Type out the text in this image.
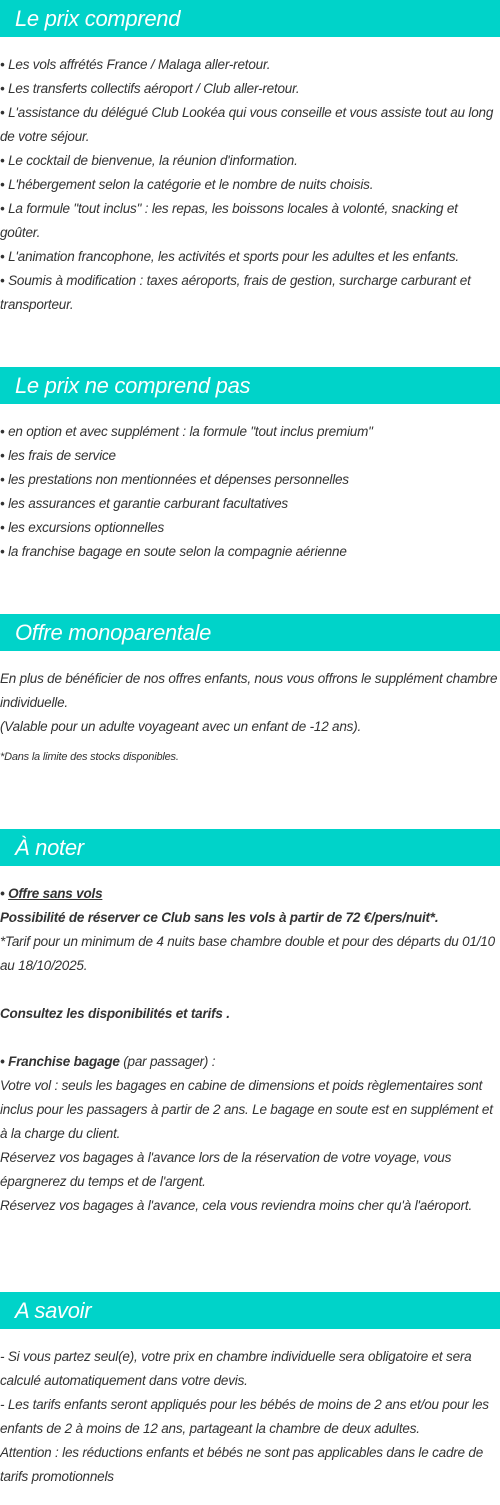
Le prix comprend
• Les vols affrétés France / Malaga aller-retour.
• Les transferts collectifs aéroport / Club aller-retour.
• L'assistance du délégué Club Lookéa qui vous conseille et vous assiste tout au long de votre séjour.
• Le cocktail de bienvenue, la réunion d'information.
• L'hébergement selon la catégorie et le nombre de nuits choisis.
• La formule "tout inclus" : les repas, les boissons locales à volonté, snacking et goûter.
• L'animation francophone, les activités et sports pour les adultes et les enfants.
• Soumis à modification : taxes aéroports, frais de gestion, surcharge carburant et transporteur.
Le prix ne comprend pas
• en option et avec supplément : la formule "tout inclus premium"
• les frais de service
• les prestations non mentionnées et dépenses personnelles
• les assurances et garantie carburant facultatives
• les excursions optionnelles
• la franchise bagage en soute selon la compagnie aérienne
Offre monoparentale
En plus de bénéficier de nos offres enfants, nous vous offrons le supplément chambre individuelle.
(Valable pour un adulte voyageant avec un enfant de -12 ans).
*Dans la limite des stocks disponibles.
À noter
• Offre sans vols
Possibilité de réserver ce Club sans les vols à partir de 72 €/pers/nuit*.
*Tarif pour un minimum de 4 nuits base chambre double et pour des départs du 01/10 au 18/10/2025.
Consultez les disponibilités et tarifs .
• Franchise bagage (par passager) :
Votre vol : seuls les bagages en cabine de dimensions et poids règlementaires sont inclus pour les passagers à partir de 2 ans. Le bagage en soute est en supplément et à la charge du client.
Réservez vos bagages à l'avance lors de la réservation de votre voyage, vous épargnerez du temps et de l'argent.
Réservez vos bagages à l'avance, cela vous reviendra moins cher qu'à l'aéroport.
A savoir
- Si vous partez seul(e), votre prix en chambre individuelle sera obligatoire et sera calculé automatiquement dans votre devis.
- Les tarifs enfants seront appliqués pour les bébés de moins de 2 ans et/ou pour les enfants de 2 à moins de 12 ans, partageant la chambre de deux adultes.
Attention : les réductions enfants et bébés ne sont pas applicables dans le cadre de tarifs promotionnels
